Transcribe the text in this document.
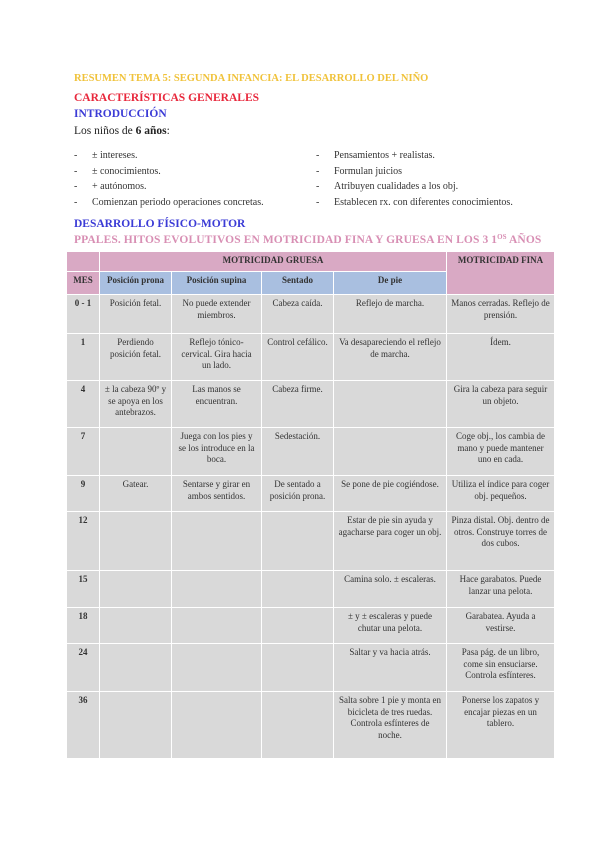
RESUMEN TEMA 5: SEGUNDA INFANCIA: EL DESARROLLO DEL NIÑO
CARACTERÍSTICAS GENERALES
INTRODUCCIÓN
Los niños de 6 años:
-	± intereses.
-	± conocimientos.
-	+ autónomos.
-	Comienzan periodo operaciones concretas.
-	Pensamientos + realistas.
-	Formulan juicios
-	Atribuyen cualidades a los obj.
-	Establecen rx. con diferentes conocimientos.
DESARROLLO FÍSICO-MOTOR
PPALES. HITOS EVOLUTIVOS EN MOTRICIDAD FINA Y GRUESA EN LOS 3 $1^{OS}$ AÑOS
	MOTRICIDAD GRUESA				MOTRICIDAD FINA
MES	Posición prona	Posición supina	Sentado	De pie	
0 - 1	Posición fetal.	No puede extender miembros.	Cabeza caída.	Reflejo de marcha.	Manos cerradas. Reflejo de prensión.
1	Perdiendo posición fetal.	Reflejo tónico-cervical. Gira hacia un lado.	Control cefálico.	Va desapareciendo el reflejo de marcha.	Ídem.
4	± la cabeza 90º y se apoya en los antebrazos.	Las manos se encuentran.	Cabeza firme.		Gira la cabeza para seguir un objeto.
7		Juega con los pies y se los introduce en la boca.	Sedestación.		Coge obj., los cambia de mano y puede mantener uno en cada.
9	Gatear.	Sentarse y girar en ambos sentidos.	De sentado a posición prona.	Se pone de pie cogiéndose.	Utiliza el índice para coger obj. pequeños.
12				Estar de pie sin ayuda y agacharse para coger un obj.	Pinza distal. Obj. dentro de otros. Construye torres de dos cubos.
15				Camina solo. ± escaleras.	Hace garabatos. Puede lanzar una pelota.
18				± y ± escaleras y puede chutar una pelota.	Garabatea. Ayuda a vestirse.
24				Saltar y va hacia atrás.	Pasa pág. de un libro, come sin ensuciarse. Controla esfínteres.
36				Salta sobre 1 pie y monta en bicicleta de tres ruedas. Controla esfínteres de noche.	Ponerse los zapatos y encajar piezas en un tablero.
